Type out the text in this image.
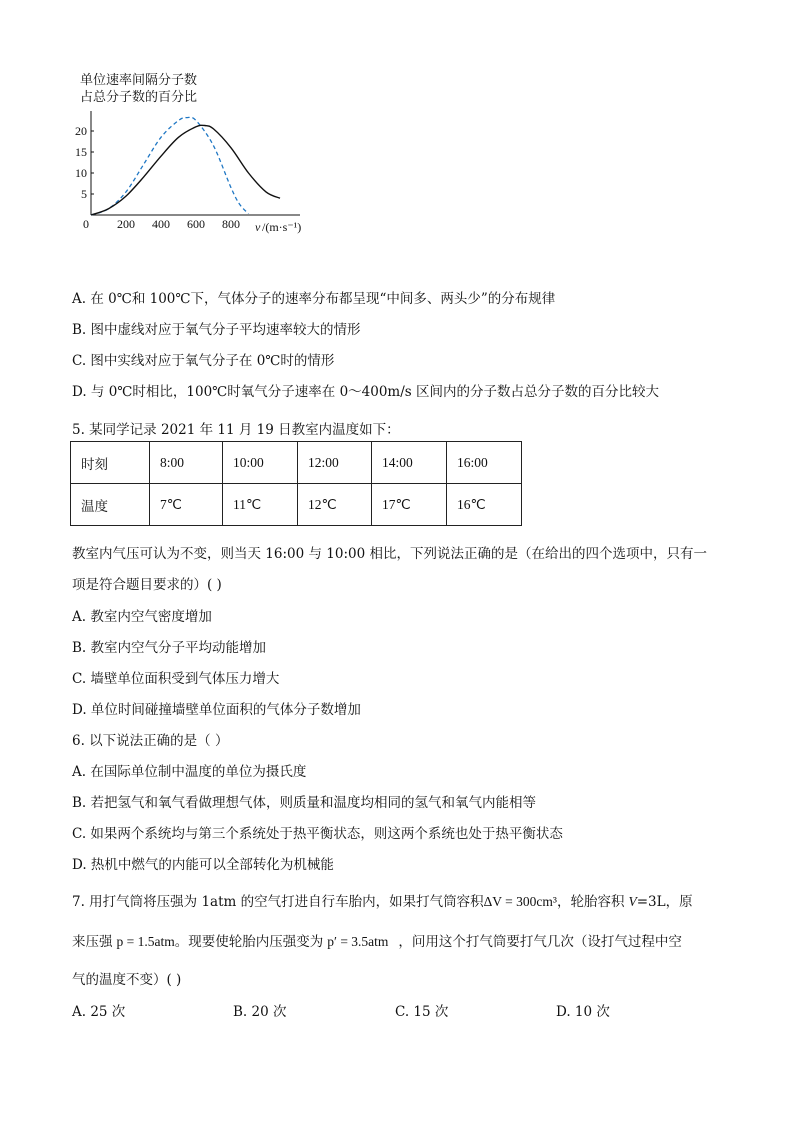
单位速率间隔分子数
占总分子数的百分比
0 200 400 600 800
5
10
15
20
v /(m·s⁻¹)
A. 在 0℃和 100℃下，气体分子的速率分布都呈现“中间多、两头少”的分布规律
B. 图中虚线对应于氧气分子平均速率较大的情形
C. 图中实线对应于氧气分子在 0℃时的情形
D. 与 0℃时相比，100℃时氧气分子速率在 0～400m/s 区间内的分子数占总分子数的百分比较大
5. 某同学记录 2021 年 11 月 19 日教室内温度如下：
时刻	8:00	10:00	12:00	14:00	16:00
温度	7℃	11℃	12℃	17℃	16℃
教室内气压可认为不变，则当天 16:00 与 10:00 相比，下列说法正确的是（在给出的四个选项中，只有一
项是符合题目要求的）( )
A. 教室内空气密度增加
B. 教室内空气分子平均动能增加
C. 墙壁单位面积受到气体压力增大
D. 单位时间碰撞墙壁单位面积的气体分子数增加
6. 以下说法正确的是（ ）
A. 在国际单位制中温度的单位为摄氏度
B. 若把氢气和氧气看做理想气体，则质量和温度均相同的氢气和氧气内能相等
C. 如果两个系统均与第三个系统处于热平衡状态，则这两个系统也处于热平衡状态
D. 热机中燃气的内能可以全部转化为机械能
7. 用打气筒将压强为 1atm 的空气打进自行车胎内，如果打气筒容积ΔV = 300cm³，轮胎容积 V=3L，原
来压强 p = 1.5atm。现要使轮胎内压强变为 p′ = 3.5atm ，问用这个打气筒要打气几次（设打气过程中空
气的温度不变）( )
A. 25 次	B. 20 次	C. 15 次	D. 10 次
